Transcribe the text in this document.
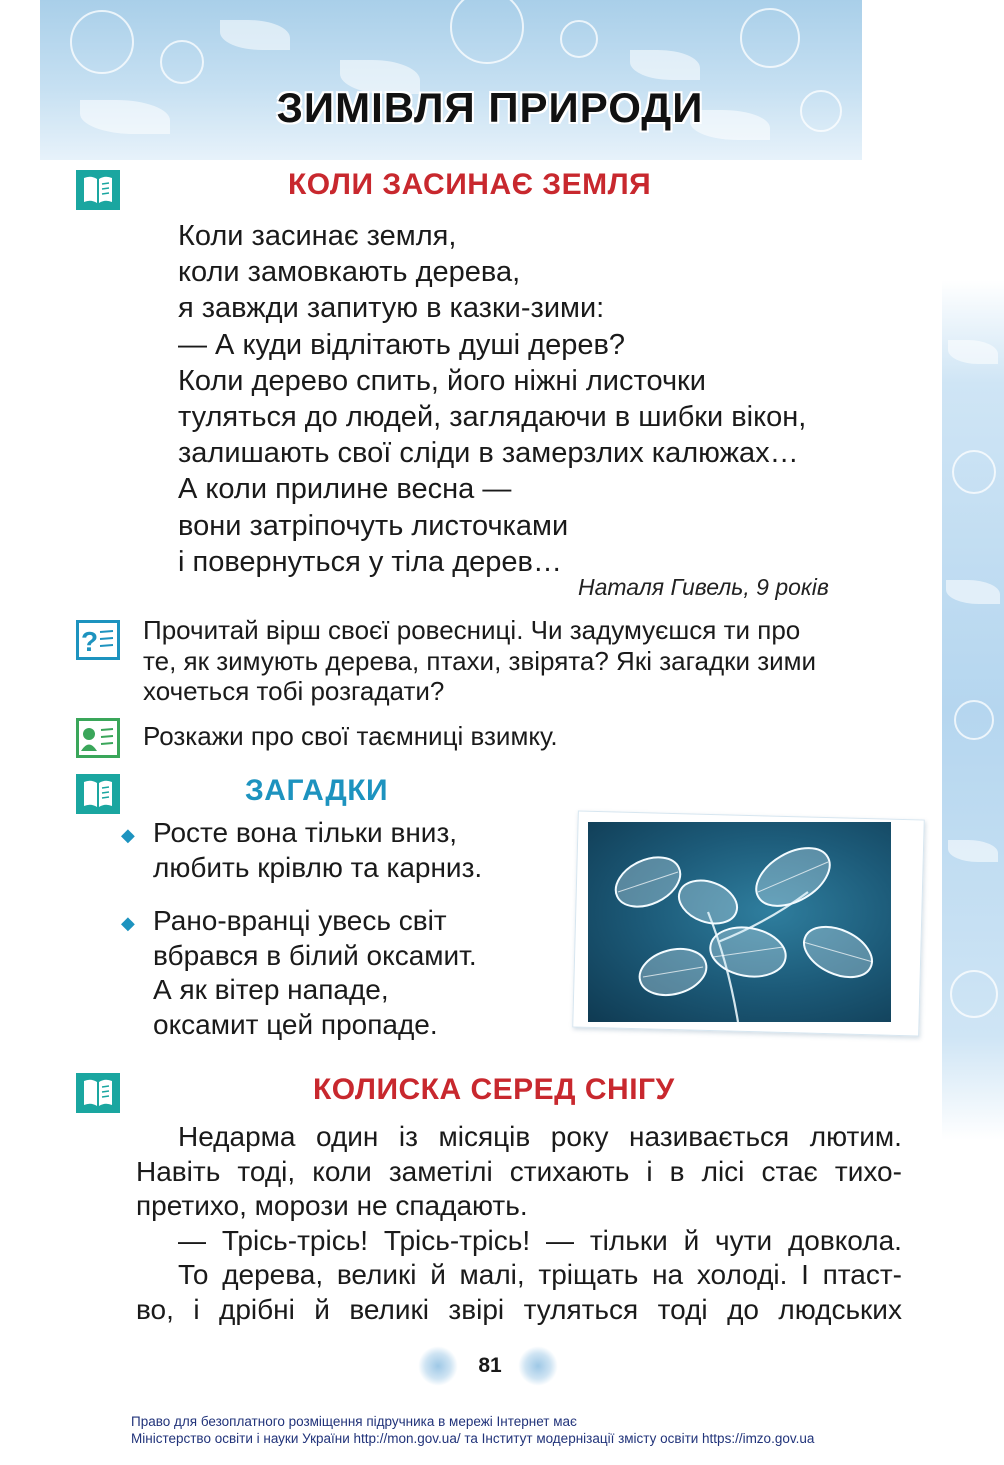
ЗИМІВЛЯ ПРИРОДИ
КОЛИ ЗАСИНАЄ ЗЕМЛЯ
Коли засинає земля,
коли замовкають дерева,
я завжди запитую в казки-зими:
— А куди відлітають душі дерев?
Коли дерево спить, його ніжні листочки
туляться до людей, заглядаючи в шибки вікон,
залишають свої сліди в замерзлих калюжах…
А коли прилине весна —
вони затріпочуть листочками
і повернуться у тіла дерев…
Наталя Гивель, 9 років
? Прочитай вірш своєї ровесниці. Чи задумуєшся ти про
те, як зимують дерева, птахи, звірята? Які загадки зими
хочеться тобі розгадати?
Розкажи про свої таємниці взимку.
ЗАГАДКИ
◆ Росте вона тільки вниз,
любить крівлю та карниз.
◆ Рано-вранці увесь світ
вбрався в білий оксамит.
А як вітер нападе,
оксамит цей пропаде.
КОЛИСКА СЕРЕД СНІГУ
Недарма один із місяців року називається лютим.
Навіть тоді, коли заметілі стихають і в лісі стає тихо-
претихо, морози не спадають.
— Трісь-трісь! Трісь-трісь! — тільки й чути довкола.
То дерева, великі й малі, тріщать на холоді. І птаст-
во, і дрібні й великі звірі туляться тоді до людських
81
Право для безоплатного розміщення підручника в мережі Інтернет має
Міністерство освіти і науки України http://mon.gov.ua/ та Інститут модернізації змісту освіти https://imzo.gov.ua
